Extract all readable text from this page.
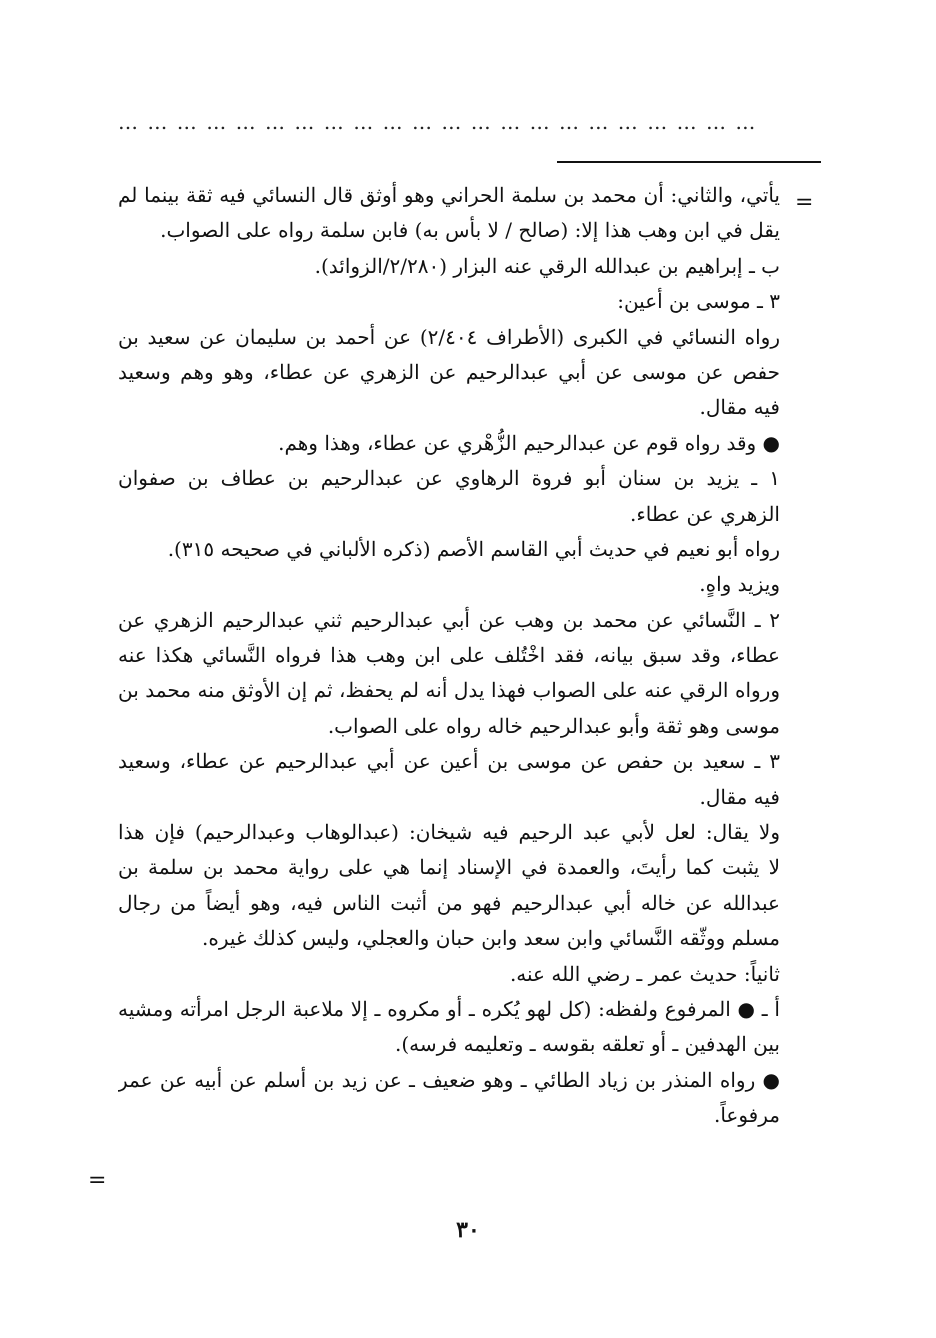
…………………………………………………………
=
يأتي، والثاني: أن محمد بن سلمة الحراني وهو أوثق قال النسائي فيه ثقة بينما لم
يقل في ابن وهب هذا إلا: (صالح / لا بأس به) فابن سلمة رواه على الصواب.
ب ـ إبراهيم بن عبدالله الرقي عنه البزار (٢/٢٨٠/الزوائد).
٣ ـ موسى بن أعين:
رواه النسائي في الكبرى (الأطراف ٢/٤٠٤) عن أحمد بن سليمان عن سعيد بن
حفص عن موسى عن أبي عبدالرحيم عن الزهري عن عطاء، وهو وهم وسعيد
فيه مقال.
● وقد رواه قوم عن عبدالرحيم الزُّهْري عن عطاء، وهذا وهم.
١ ـ يزيد بن سنان أبو فروة الرهاوي عن عبدالرحيم بن عطاف بن صفوان
الزهري عن عطاء.
رواه أبو نعيم في حديث أبي القاسم الأصم (ذكره الألباني في صحيحه ٣١٥).
ويزيد واهٍ.
٢ ـ النَّسائي عن محمد بن وهب عن أبي عبدالرحيم ثني عبدالرحيم الزهري عن
عطاء، وقد سبق بيانه، فقد اخْتُلف على ابن وهب هذا فرواه النَّسائي هكذا عنه
ورواه الرقي عنه على الصواب فهذا يدل أنه لم يحفظ، ثم إن الأوثق منه محمد بن
موسى وهو ثقة وأبو عبدالرحيم خاله رواه على الصواب.
٣ ـ سعيد بن حفص عن موسى بن أعين عن أبي عبدالرحيم عن عطاء، وسعيد
فيه مقال.
ولا يقال: لعل لأبي عبد الرحيم فيه شيخان: (عبدالوهاب وعبدالرحيم) فإن هذا
لا يثبت كما رأيتَ، والعمدة في الإسناد إنما هي على رواية محمد بن سلمة بن
عبدالله عن خاله أبي عبدالرحيم فهو من أثبت الناس فيه، وهو أيضاً من رجال
مسلم ووثّقه النَّسائي وابن سعد وابن حبان والعجلي، وليس كذلك غيره.
ثانياً: حديث عمر ـ رضي الله عنه.
أ ـ ● المرفوع ولفظه: (كل لهو يُكره ـ أو مكروه ـ إلا ملاعبة الرجل امرأته ومشيه
بين الهدفين ـ أو تعلقه بقوسه ـ وتعليمه فرسه).
● رواه المنذر بن زياد الطائي ـ وهو ضعيف ـ عن زيد بن أسلم عن أبيه عن عمر
مرفوعاً.
=
٣٠
